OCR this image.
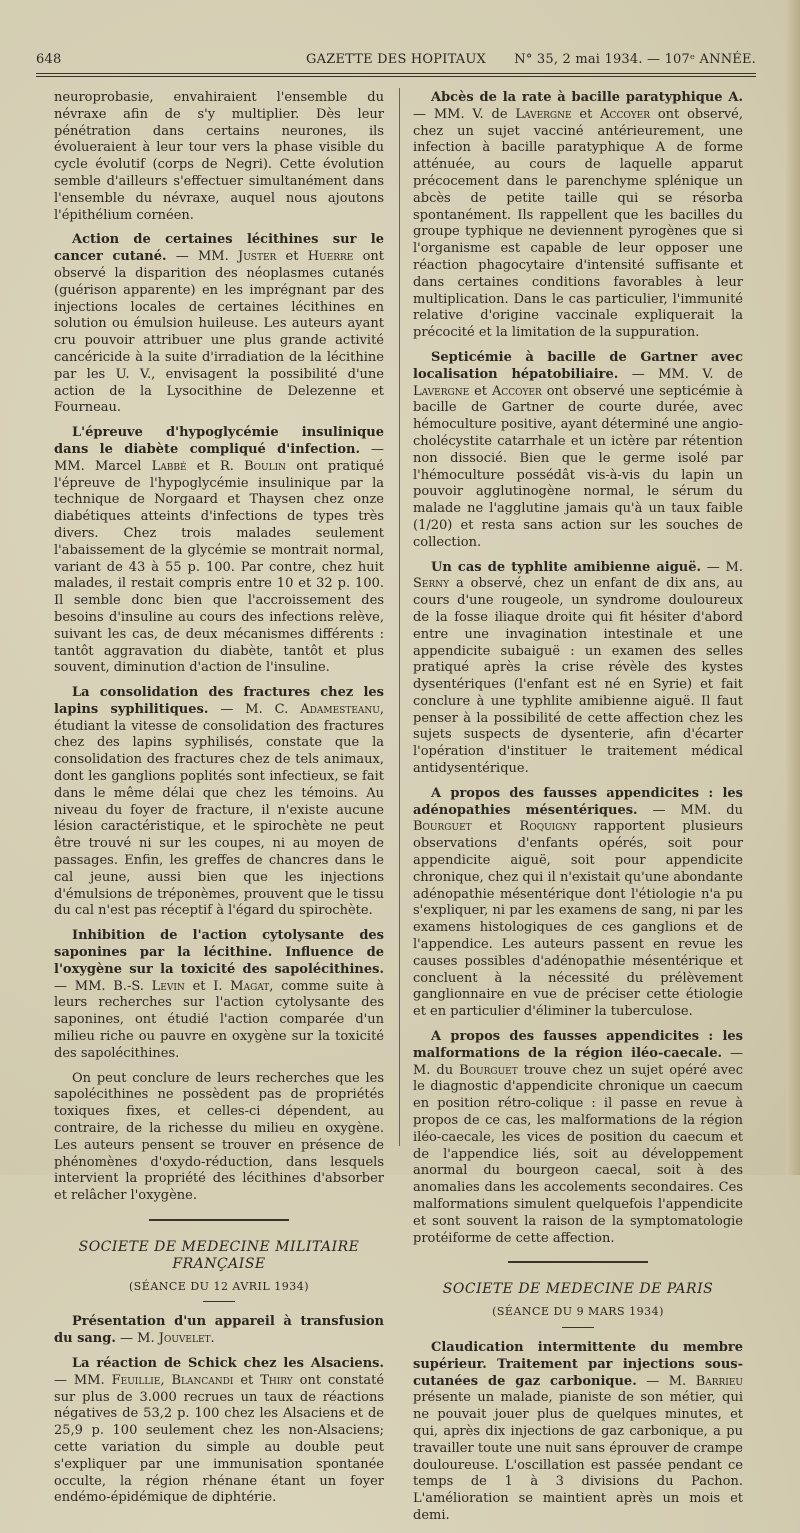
648	GAZETTE DES HOPITAUX	N° 35, 2 mai 1934. — 107ᵉ ANNÉE.

neuroprobasie, envahiraient l'ensemble du névraxe afin de s'y multiplier. Dès leur pénétration dans certains neurones, ils évolueraient à leur tour vers la phase visible du cycle évolutif (corps de Negri). Cette évolution semble d'ailleurs s'effectuer simultanément dans l'ensemble du névraxe, auquel nous ajoutons l'épithélium cornéen.

Action de certaines lécithines sur le cancer cutané. — MM. Juster et Huerre ont observé la disparition des néoplasmes cutanés (guérison apparente) en les imprégnant par des injections locales de certaines lécithines en solution ou émulsion huileuse. Les auteurs ayant cru pouvoir attribuer une plus grande activité cancéricide à la suite d'irradiation de la lécithine par les U. V., envisagent la possibilité d'une action de la Lysocithine de Delezenne et Fourneau.

L'épreuve d'hypoglycémie insulinique dans le diabète compliqué d'infection. — MM. Marcel Labbé et R. Boulin ont pratiqué l'épreuve de l'hypoglycémie insulinique par la technique de Norgaard et Thaysen chez onze diabétiques atteints d'infections de types très divers. Chez trois malades seulement l'abaissement de la glycémie se montrait normal, variant de 43 à 55 p. 100. Par contre, chez huit malades, il restait compris entre 10 et 32 p. 100. Il semble donc bien que l'accroissement des besoins d'insuline au cours des infections relève, suivant les cas, de deux mécanismes différents : tantôt aggravation du diabète, tantôt et plus souvent, diminution d'action de l'insuline.

La consolidation des fractures chez les lapins syphilitiques. — M. C. Adamesteanu, étudiant la vitesse de consolidation des fractures chez des lapins syphilisés, constate que la consolidation des fractures chez de tels animaux, dont les ganglions poplités sont infectieux, se fait dans le même délai que chez les témoins. Au niveau du foyer de fracture, il n'existe aucune lésion caractéristique, et le spirochète ne peut être trouvé ni sur les coupes, ni au moyen de passages. Enfin, les greffes de chancres dans le cal jeune, aussi bien que les injections d'émulsions de tréponèmes, prouvent que le tissu du cal n'est pas réceptif à l'égard du spirochète.

Inhibition de l'action cytolysante des saponines par la lécithine. Influence de l'oxygène sur la toxicité des sapolécithines. — MM. B.-S. Levin et I. Magat, comme suite à leurs recherches sur l'action cytolysante des saponines, ont étudié l'action comparée d'un milieu riche ou pauvre en oxygène sur la toxicité des sapolécithines.

On peut conclure de leurs recherches que les sapolécithines ne possèdent pas de propriétés toxiques fixes, et celles-ci dépendent, au contraire, de la richesse du milieu en oxygène. Les auteurs pensent se trouver en présence de phénomènes d'oxydo-réduction, dans lesquels intervient la propriété des lécithines d'absorber et relâcher l'oxygène.

SOCIETE DE MEDECINE MILITAIRE FRANÇAISE
(SÉANCE DU 12 AVRIL 1934)

Présentation d'un appareil à transfusion du sang. — M. Jouvelet.

La réaction de Schick chez les Alsaciens. — MM. Feuillie, Blancandi et Thiry ont constaté sur plus de 3.000 recrues un taux de réactions négatives de 53,2 p. 100 chez les Alsaciens et de 25,9 p. 100 seulement chez les non-Alsaciens; cette variation du simple au double peut s'expliquer par une immunisation spontanée occulte, la région rhénane étant un foyer endémo-épidémique de diphtérie.

Abcès de la rate à bacille paratyphique A. — MM. V. de Lavergne et Accoyer ont observé, chez un sujet vacciné antérieurement, une infection à bacille paratyphique A de forme atténuée, au cours de laquelle apparut précocement dans le parenchyme splénique un abcès de petite taille qui se résorba spontanément. Ils rappellent que les bacilles du groupe typhique ne deviennent pyrogènes que si l'organisme est capable de leur opposer une réaction phagocytaire d'intensité suffisante et dans certaines conditions favorables à leur multiplication. Dans le cas particulier, l'immunité relative d'origine vaccinale expliquerait la précocité et la limitation de la suppuration.

Septicémie à bacille de Gartner avec localisation hépatobiliaire. — MM. V. de Lavergne et Accoyer ont observé une septicémie à bacille de Gartner de courte durée, avec hémoculture positive, ayant déterminé une angio-cholécystite catarrhale et un ictère par rétention non dissocié. Bien que le germe isolé par l'hémoculture possédât vis-à-vis du lapin un pouvoir agglutinogène normal, le sérum du malade ne l'agglutine jamais qu'à un taux faible (1/20) et resta sans action sur les souches de collection.

Un cas de typhlite amibienne aiguë. — M. Serny a observé, chez un enfant de dix ans, au cours d'une rougeole, un syndrome douloureux de la fosse iliaque droite qui fit hésiter d'abord entre une invagination intestinale et une appendicite subaiguë : un examen des selles pratiqué après la crise révèle des kystes dysentériques (l'enfant est né en Syrie) et fait conclure à une typhlite amibienne aiguë. Il faut penser à la possibilité de cette affection chez les sujets suspects de dysenterie, afin d'écarter l'opération d'instituer le traitement médical antidysentérique.

A propos des fausses appendicites : les adénopathies mésentériques. — MM. du Bourguet et Roquigny rapportent plusieurs observations d'enfants opérés, soit pour appendicite aiguë, soit pour appendicite chronique, chez qui il n'existait qu'une abondante adénopathie mésentérique dont l'étiologie n'a pu s'expliquer, ni par les examens de sang, ni par les examens histologiques de ces ganglions et de l'appendice. Les auteurs passent en revue les causes possibles d'adénopathie mésentérique et concluent à la nécessité du prélèvement ganglionnaire en vue de préciser cette étiologie et en particulier d'éliminer la tuberculose.

A propos des fausses appendicites : les malformations de la région iléo-caecale. — M. du Bourguet trouve chez un sujet opéré avec le diagnostic d'appendicite chronique un caecum en position rétro-colique : il passe en revue à propos de ce cas, les malformations de la région iléo-caecale, les vices de position du caecum et de l'appendice liés, soit au développement anormal du bourgeon caecal, soit à des anomalies dans les accolements secondaires. Ces malformations simulent quelquefois l'appendicite et sont souvent la raison de la symptomatologie protéiforme de cette affection.

SOCIETE DE MEDECINE DE PARIS
(SÉANCE DU 9 MARS 1934)

Claudication intermittente du membre supérieur. Traitement par injections sous-cutanées de gaz carbonique. — M. Barrieu présente un malade, pianiste de son métier, qui ne pouvait jouer plus de quelques minutes, et qui, après dix injections de gaz carbonique, a pu travailler toute une nuit sans éprouver de crampe douloureuse. L'oscillation est passée pendant ce temps de 1 à 3 divisions du Pachon. L'amélioration se maintient après un mois et demi.
